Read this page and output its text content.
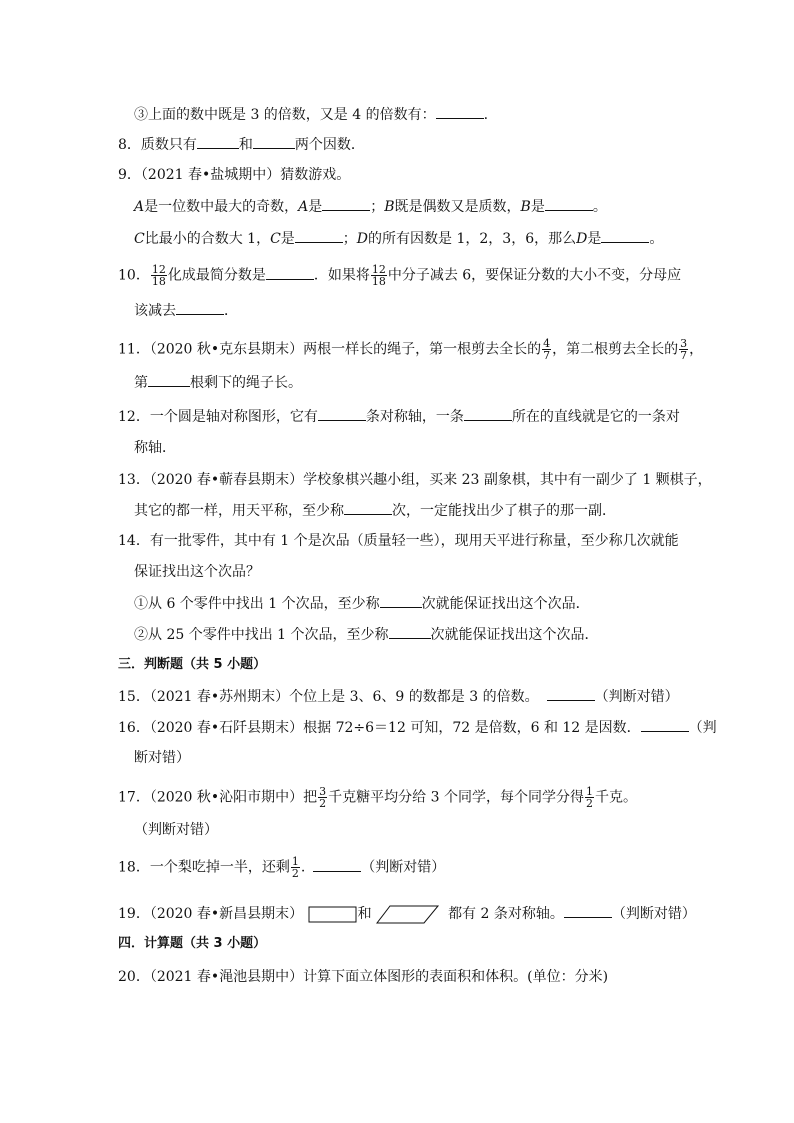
③上面的数中既是 3 的倍数，又是 4 的倍数有：	.
8．质数只有	和	两个因数．
9．（2021 春•盐城期中）猜数游戏。
A是一位数中最大的奇数，A是	；B既是偶数又是质数，B是	。
C比最小的合数大 1，C是	；D的所有因数是 1，2，3，6，那么D是	。
10． $\frac{12}{18}$ 化成最简分数是	．如果将 $\frac{12}{18}$ 中分子减去 6，要保证分数的大小不变，分母应
该减去	．
11．（2020 秋•克东县期末）两根一样长的绳子，第一根剪去全长的 $\frac{4}{7}$ ，第二根剪去全长的 $\frac{3}{7}$ ，
第	根剩下的绳子长。
12．一个圆是轴对称图形，它有	条对称轴，一条	所在的直线就是它的一条对
称轴．
13．（2020 春•蕲春县期末）学校象棋兴趣小组，买来 23 副象棋，其中有一副少了 1 颗棋子，
其它的都一样，用天平称，至少称	次，一定能找出少了棋子的那一副．
14．有一批零件，其中有 1 个是次品（质量轻一些），现用天平进行称量，至少称几次就能
保证找出这个次品？
①从 6 个零件中找出 1 个次品，至少称	次就能保证找出这个次品．
②从 25 个零件中找出 1 个次品，至少称	次就能保证找出这个次品．
三．判断题（共 5 小题）
15．（2021 春•苏州期末）个位上是 3、6、9 的数都是 3 的倍数。	（判断对错）
16．（2020 春•石阡县期末）根据 72÷6＝12 可知，72 是倍数，6 和 12 是因数．	（判
断对错）
17．（2020 秋•沁阳市期中）把 $\frac{3}{2}$ 千克糖平均分给 3 个同学，每个同学分得 $\frac{1}{2}$ 千克。
（判断对错）
18．一个梨吃掉一半，还剩 $\frac{1}{2}$ .	（判断对错）
19．（2020 春•新昌县期末）	和	都有 2 条对称轴。	（判断对错）
四．计算题（共 3 小题）
20．（2021 春•渑池县期中）计算下面立体图形的表面积和体积。(单位：分米)
